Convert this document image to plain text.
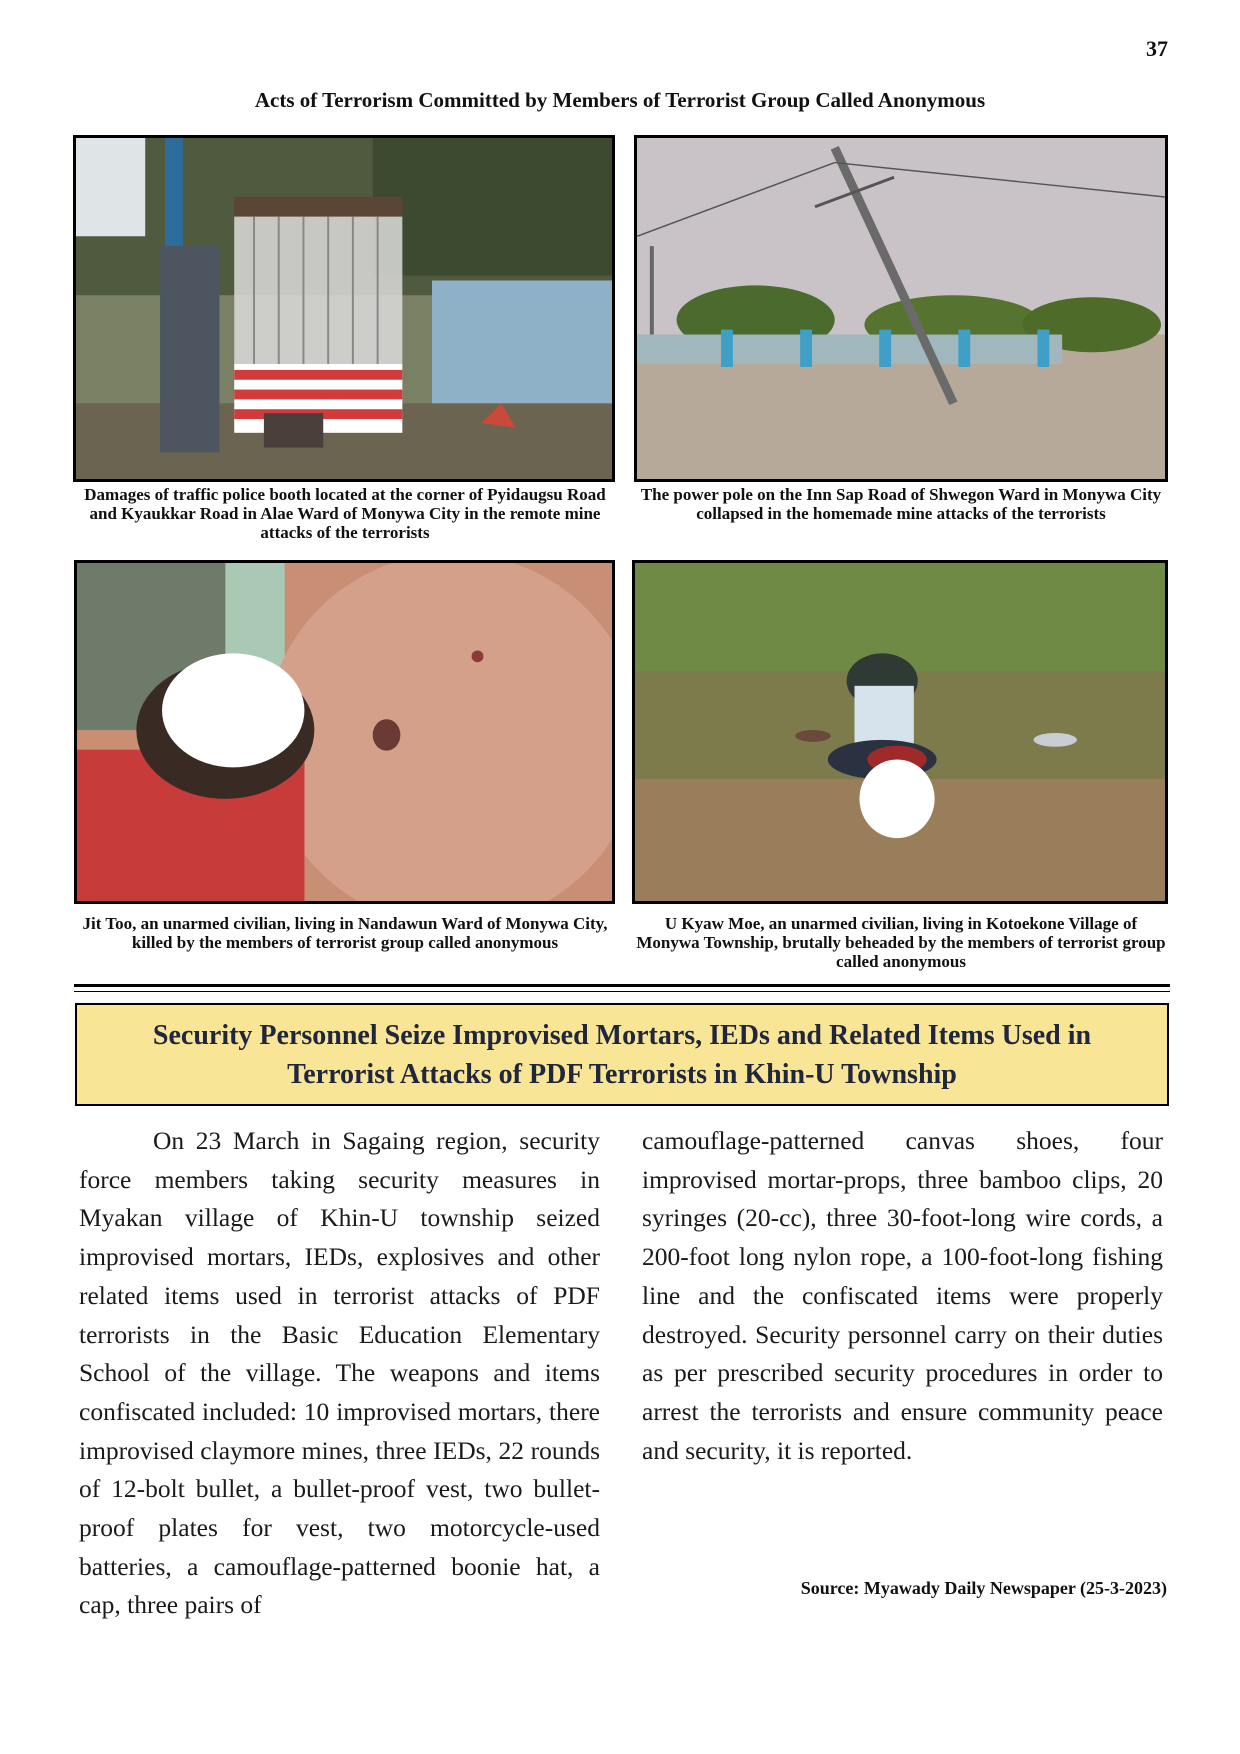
37
Acts of Terrorism Committed by Members of Terrorist Group Called Anonymous
Damages of traffic police booth located at the corner of Pyidaugsu Road and Kyaukkar Road in Alae Ward of Monywa City in the remote mine attacks of the terrorists
The power pole on the Inn Sap Road of Shwegon Ward in Monywa City collapsed in the homemade mine attacks of the terrorists
Jit Too, an unarmed civilian, living in Nandawun Ward of Monywa City, killed by the members of terrorist group called anonymous
U Kyaw Moe, an unarmed civilian, living in Kotoekone Village of Monywa Township, brutally beheaded by the members of terrorist group called anonymous
Security Personnel Seize Improvised Mortars, IEDs and Related Items Used in Terrorist Attacks of PDF Terrorists in Khin-U Township

On 23 March in Sagaing region, security force members taking security measures in Myakan village of Khin-U township seized improvised mortars, IEDs, explosives and other related items used in terrorist attacks of PDF terrorists in the Basic Education Elementary School of the village. The weapons and items confiscated included: 10 improvised mortars, there improvised claymore mines, three IEDs, 22 rounds of 12-bolt bullet, a bullet-proof vest, two bullet-proof plates for vest, two motorcycle-used batteries, a camouflage-patterned boonie hat, a cap, three pairs of

camouflage-patterned canvas shoes, four improvised mortar-props, three bamboo clips, 20 syringes (20-cc), three 30-foot-long wire cords, a 200-foot long nylon rope, a 100-foot-long fishing line and the confiscated items were properly destroyed. Security personnel carry on their duties as per prescribed security procedures in order to arrest the terrorists and ensure community peace and security, it is reported.

Source: Myawady Daily Newspaper (25-3-2023)
